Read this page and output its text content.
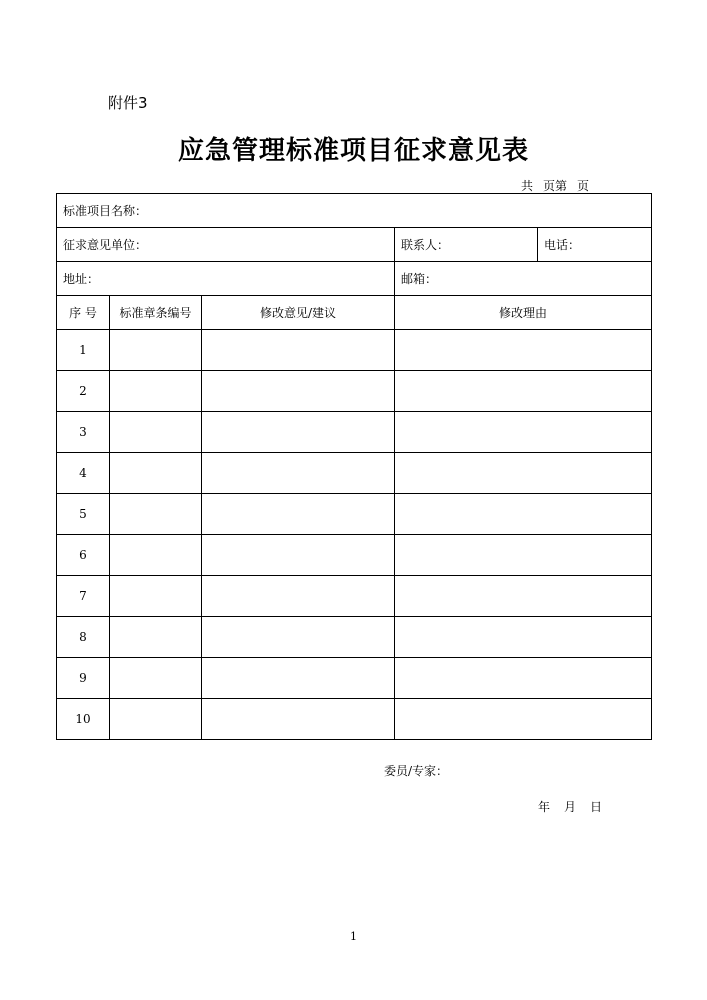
附件3
应急管理标准项目征求意见表
共 页第 页
标准项目名称：				
征求意见单位：			联系人：	电话：
地址：			邮箱：	
序 号	标准章条编号	修改意见/建议	修改理由	
1				
2				
3				
4				
5				
6				
7				
8				
9				
10				
委员/专家：
年 月 日
1
